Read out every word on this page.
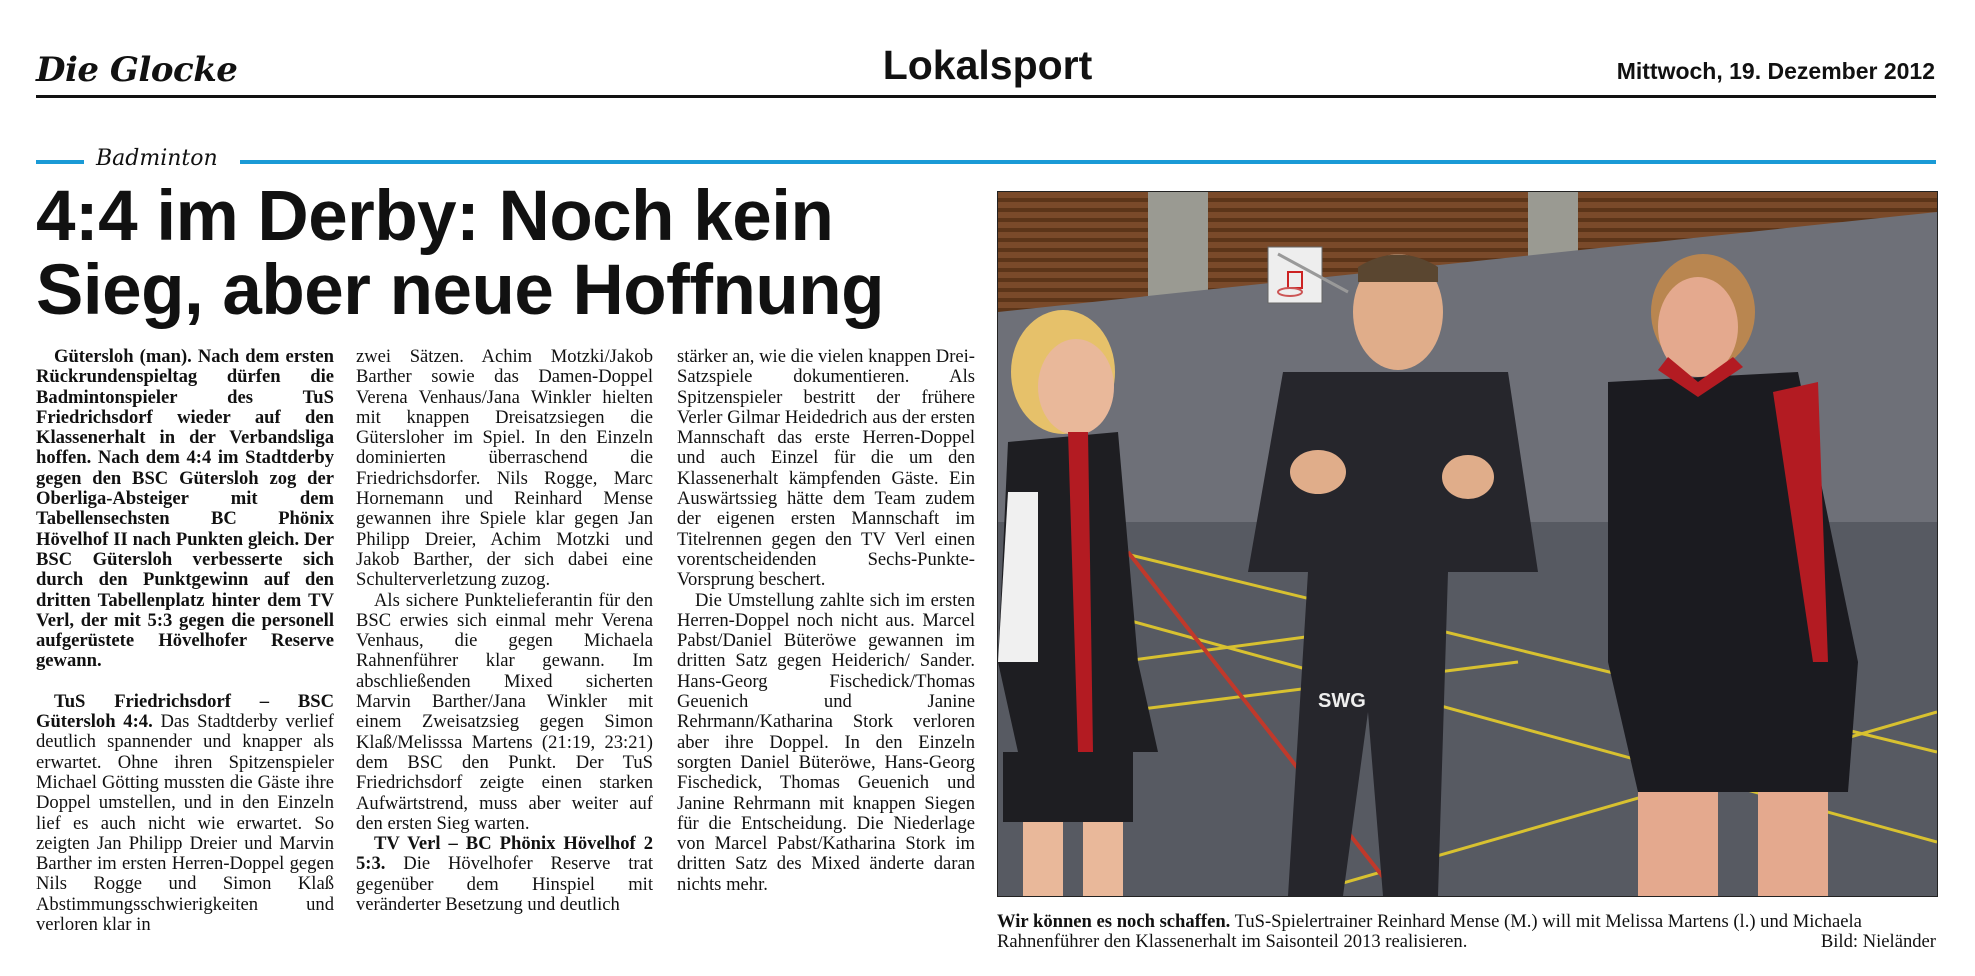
Die Glocke	Lokalsport	Mittwoch, 19. Dezember 2012
Badminton
4:4 im Derby: Noch kein
Sieg, aber neue Hoffnung

Gütersloh (man). Nach dem ersten Rückrundenspieltag dürfen die Badmintonspieler des TuS Friedrichsdorf wieder auf den Klassenerhalt in der Verbandsliga hoffen. Nach dem 4:4 im Stadtderby gegen den BSC Gütersloh zog der Oberliga-Absteiger mit dem Tabellensechsten BC Phönix Hövelhof II nach Punkten gleich. Der BSC Gütersloh verbesserte sich durch den Punktgewinn auf den dritten Tabellenplatz hinter dem TV Verl, der mit 5:3 gegen die personell aufgerüstete Hövelhofer Reserve gewann.

TuS Friedrichsdorf – BSC Gütersloh 4:4. Das Stadtderby verlief deutlich spannender und knapper als erwartet. Ohne ihren Spitzenspieler Michael Götting mussten die Gäste ihre Doppel umstellen, und in den Einzeln lief es auch nicht wie erwartet. So zeigten Jan Philipp Dreier und Marvin Barther im ersten Herren-Doppel gegen Nils Rogge und Simon Klaß Abstimmungsschwierigkeiten und verloren klar in

zwei Sätzen. Achim Motzki/Jakob Barther sowie das Damen-Doppel Verena Venhaus/Jana Winkler hielten mit knappen Dreisatzsiegen die Gütersloher im Spiel. In den Einzeln dominierten überraschend die Friedrichsdorfer. Nils Rogge, Marc Hornemann und Reinhard Mense gewannen ihre Spiele klar gegen Jan Philipp Dreier, Achim Motzki und Jakob Barther, der sich dabei eine Schulterverletzung zuzog.

Als sichere Punktelieferantin für den BSC erwies sich einmal mehr Verena Venhaus, die gegen Michaela Rahnenführer klar gewann. Im abschließenden Mixed sicherten Marvin Barther/Jana Winkler mit einem Zweisatzsieg gegen Simon Klaß/Melisssa Martens (21:19, 23:21) dem BSC den Punkt. Der TuS Friedrichsdorf zeigte einen starken Aufwärtstrend, muss aber weiter auf den ersten Sieg warten.

TV Verl – BC Phönix Hövelhof 2 5:3. Die Hövelhofer Reserve trat gegenüber dem Hinspiel mit veränderter Besetzung und deutlich

stärker an, wie die vielen knappen Drei-Satzspiele dokumentieren. Als Spitzenspieler bestritt der frühere Verler Gilmar Heidedrich aus der ersten Mannschaft das erste Herren-Doppel und auch Einzel für die um den Klassenerhalt kämpfenden Gäste. Ein Auswärtssieg hätte dem Team zudem der eigenen ersten Mannschaft im Titelrennen gegen den TV Verl einen vorentscheidenden Sechs-Punkte-Vorsprung beschert.

Die Umstellung zahlte sich im ersten Herren-Doppel noch nicht aus. Marcel Pabst/Daniel Büteröwe gewannen im dritten Satz gegen Heiderich/ Sander. Hans-Georg Fischedick/Thomas Geuenich und Janine Rehrmann/Katharina Stork verloren aber ihre Doppel. In den Einzeln sorgten Daniel Büteröwe, Hans-Georg Fischedick, Thomas Geuenich und Janine Rehrmann mit knappen Siegen für die Entscheidung. Die Niederlage von Marcel Pabst/Katharina Stork im dritten Satz des Mixed änderte daran nichts mehr.

SWG
Wir können es noch schaffen. TuS-Spielertrainer Reinhard Mense (M.) will mit Melissa Martens (l.) und Michaela Rahnenführer den Klassenerhalt im Saisonteil 2013 realisieren.	Bild: Nieländer
